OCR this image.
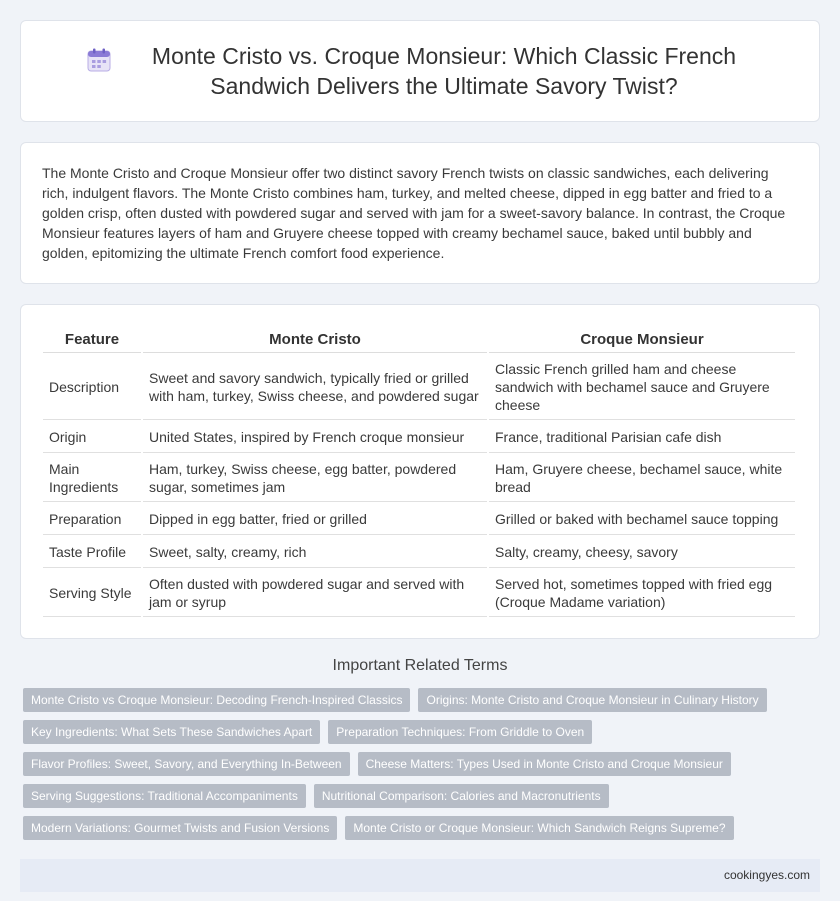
Monte Cristo vs. Croque Monsieur: Which Classic French Sandwich Delivers the Ultimate Savory Twist?

The Monte Cristo and Croque Monsieur offer two distinct savory French twists on classic sandwiches, each delivering rich, indulgent flavors. The Monte Cristo combines ham, turkey, and melted cheese, dipped in egg batter and fried to a golden crisp, often dusted with powdered sugar and served with jam for a sweet-savory balance. In contrast, the Croque Monsieur features layers of ham and Gruyere cheese topped with creamy bechamel sauce, baked until bubbly and golden, epitomizing the ultimate French comfort food experience.

Feature	Monte Cristo	Croque Monsieur
Description	Sweet and savory sandwich, typically fried or grilled with ham, turkey, Swiss cheese, and powdered sugar	Classic French grilled ham and cheese sandwich with bechamel sauce and Gruyere cheese
Origin	United States, inspired by French croque monsieur	France, traditional Parisian cafe dish
Main Ingredients	Ham, turkey, Swiss cheese, egg batter, powdered sugar, sometimes jam	Ham, Gruyere cheese, bechamel sauce, white bread
Preparation	Dipped in egg batter, fried or grilled	Grilled or baked with bechamel sauce topping
Taste Profile	Sweet, salty, creamy, rich	Salty, creamy, cheesy, savory
Serving Style	Often dusted with powdered sugar and served with jam or syrup	Served hot, sometimes topped with fried egg (Croque Madame variation)
Important Related Terms
Monte Cristo vs Croque Monsieur: Decoding French-Inspired Classics	Origins: Monte Cristo and Croque Monsieur in Culinary History
Key Ingredients: What Sets These Sandwiches Apart	Preparation Techniques: From Griddle to Oven
Flavor Profiles: Sweet, Savory, and Everything In-Between	Cheese Matters: Types Used in Monte Cristo and Croque Monsieur
Serving Suggestions: Traditional Accompaniments	Nutritional Comparison: Calories and Macronutrients
Modern Variations: Gourmet Twists and Fusion Versions	Monte Cristo or Croque Monsieur: Which Sandwich Reigns Supreme?
cookingyes.com
